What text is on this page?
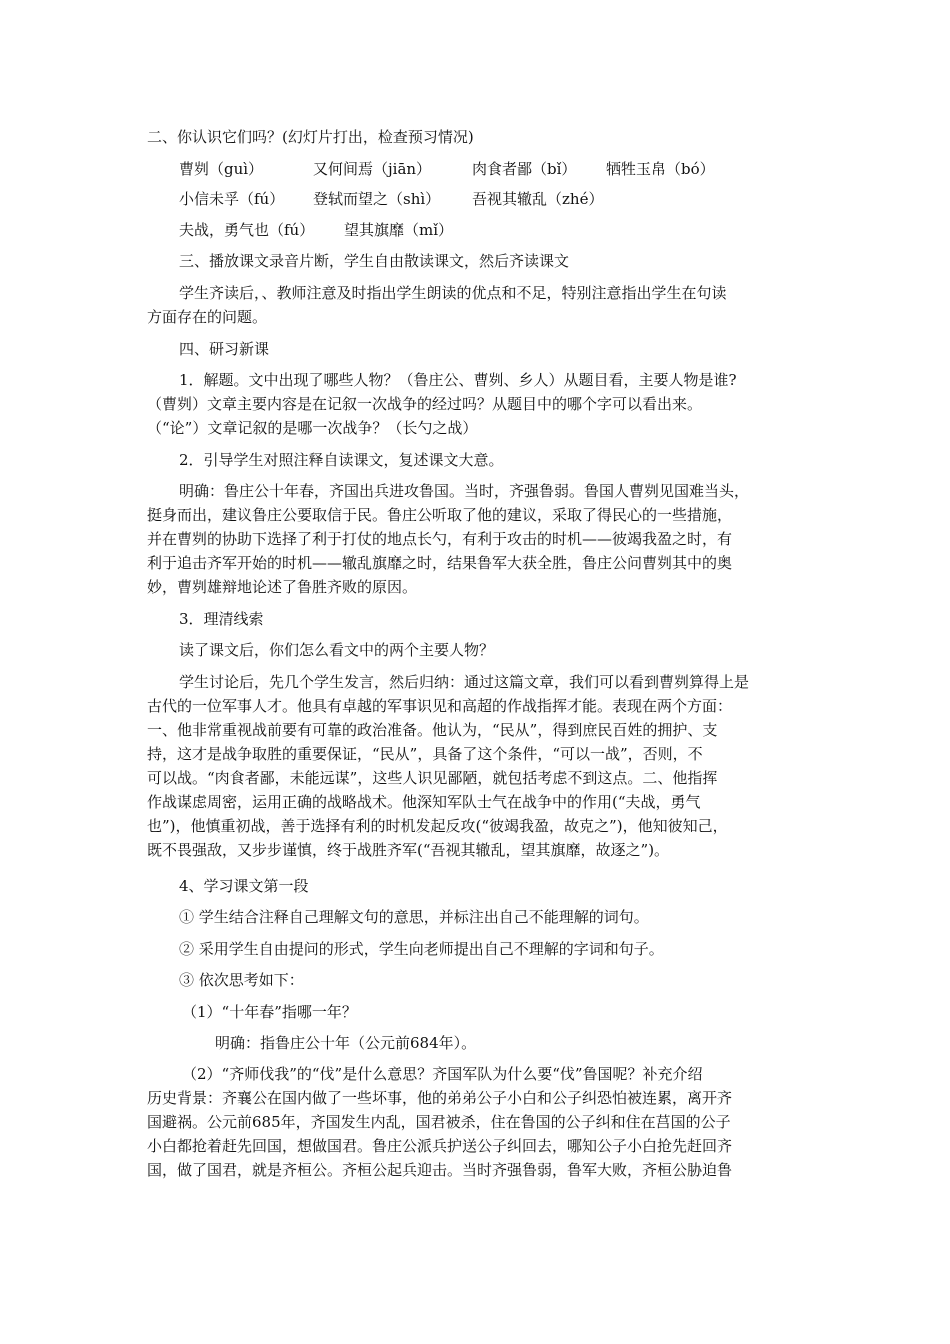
二、你认识它们吗？(幻灯片打出，检查预习情况)
曹刿（guì）	又何间焉（jiān）	肉食者鄙（bǐ） 牺牲玉帛（bó）
小信未孚（fú） 登轼而望之（shì） 吾视其辙乱（zhé）
夫战，勇气也（fú） 望其旗靡（mǐ）
三、播放课文录音片断，学生自由散读课文，然后齐读课文
学生齐读后，、教师注意及时指出学生朗读的优点和不足，特别注意指出学生在句读
方面存在的问题。
四、研习新课
1．解题。文中出现了哪些人物？（鲁庄公、曹刿、乡人）从题目看，主要人物是谁?
（曹刿）文章主要内容是在记叙一次战争的经过吗？从题目中的哪个字可以看出来。
（“论”）文章记叙的是哪一次战争？（长勺之战）
2．引导学生对照注释自读课文，复述课文大意。
明确：鲁庄公十年春，齐国出兵进攻鲁国。当时，齐强鲁弱。鲁国人曹刿见国难当头，
挺身而出，建议鲁庄公要取信于民。鲁庄公听取了他的建议，采取了得民心的一些措施，
并在曹刿的协助下选择了利于打仗的地点长勺，有利于攻击的时机——彼竭我盈之时，有
利于追击齐军开始的时机——辙乱旗靡之时，结果鲁军大获全胜，鲁庄公问曹刿其中的奥
妙，曹刿雄辩地论述了鲁胜齐败的原因。
3．理清线索
读了课文后，你们怎么看文中的两个主要人物？
学生讨论后，先几个学生发言，然后归纳：通过这篇文章，我们可以看到曹刿算得上是
古代的一位军事人才。他具有卓越的军事识见和高超的作战指挥才能。表现在两个方面：
一、他非常重视战前要有可靠的政治准备。他认为，“民从”，得到庶民百姓的拥护、支
持，这才是战争取胜的重要保证，“民从”，具备了这个条件，“可以一战”，否则，不
可以战。“肉食者鄙，未能远谋”，这些人识见鄙陋，就包括考虑不到这点。二、他指挥
作战谋虑周密，运用正确的战略战术。他深知军队士气在战争中的作用(“夫战，勇气
也”)，他慎重初战，善于选择有利的时机发起反攻(“彼竭我盈，故克之”)，他知彼知己，
既不畏强敌，又步步谨慎，终于战胜齐军(“吾视其辙乱，望其旗靡，故逐之”)。
4、学习课文第一段
① 学生结合注释自己理解文句的意思，并标注出自己不能理解的词句。
② 采用学生自由提问的形式，学生向老师提出自己不理解的字词和句子。
③ 依次思考如下：
（1）“十年春”指哪一年？
明确：指鲁庄公十年（公元前684年）。
（2）“齐师伐我”的“伐”是什么意思？齐国军队为什么要“伐”鲁国呢？补充介绍
历史背景：齐襄公在国内做了一些坏事，他的弟弟公子小白和公子纠恐怕被连累，离开齐
国避祸。公元前685年，齐国发生内乱，国君被杀，住在鲁国的公子纠和住在莒国的公子
小白都抢着赶先回国，想做国君。鲁庄公派兵护送公子纠回去，哪知公子小白抢先赶回齐
国，做了国君，就是齐桓公。齐桓公起兵迎击。当时齐强鲁弱，鲁军大败，齐桓公胁迫鲁
